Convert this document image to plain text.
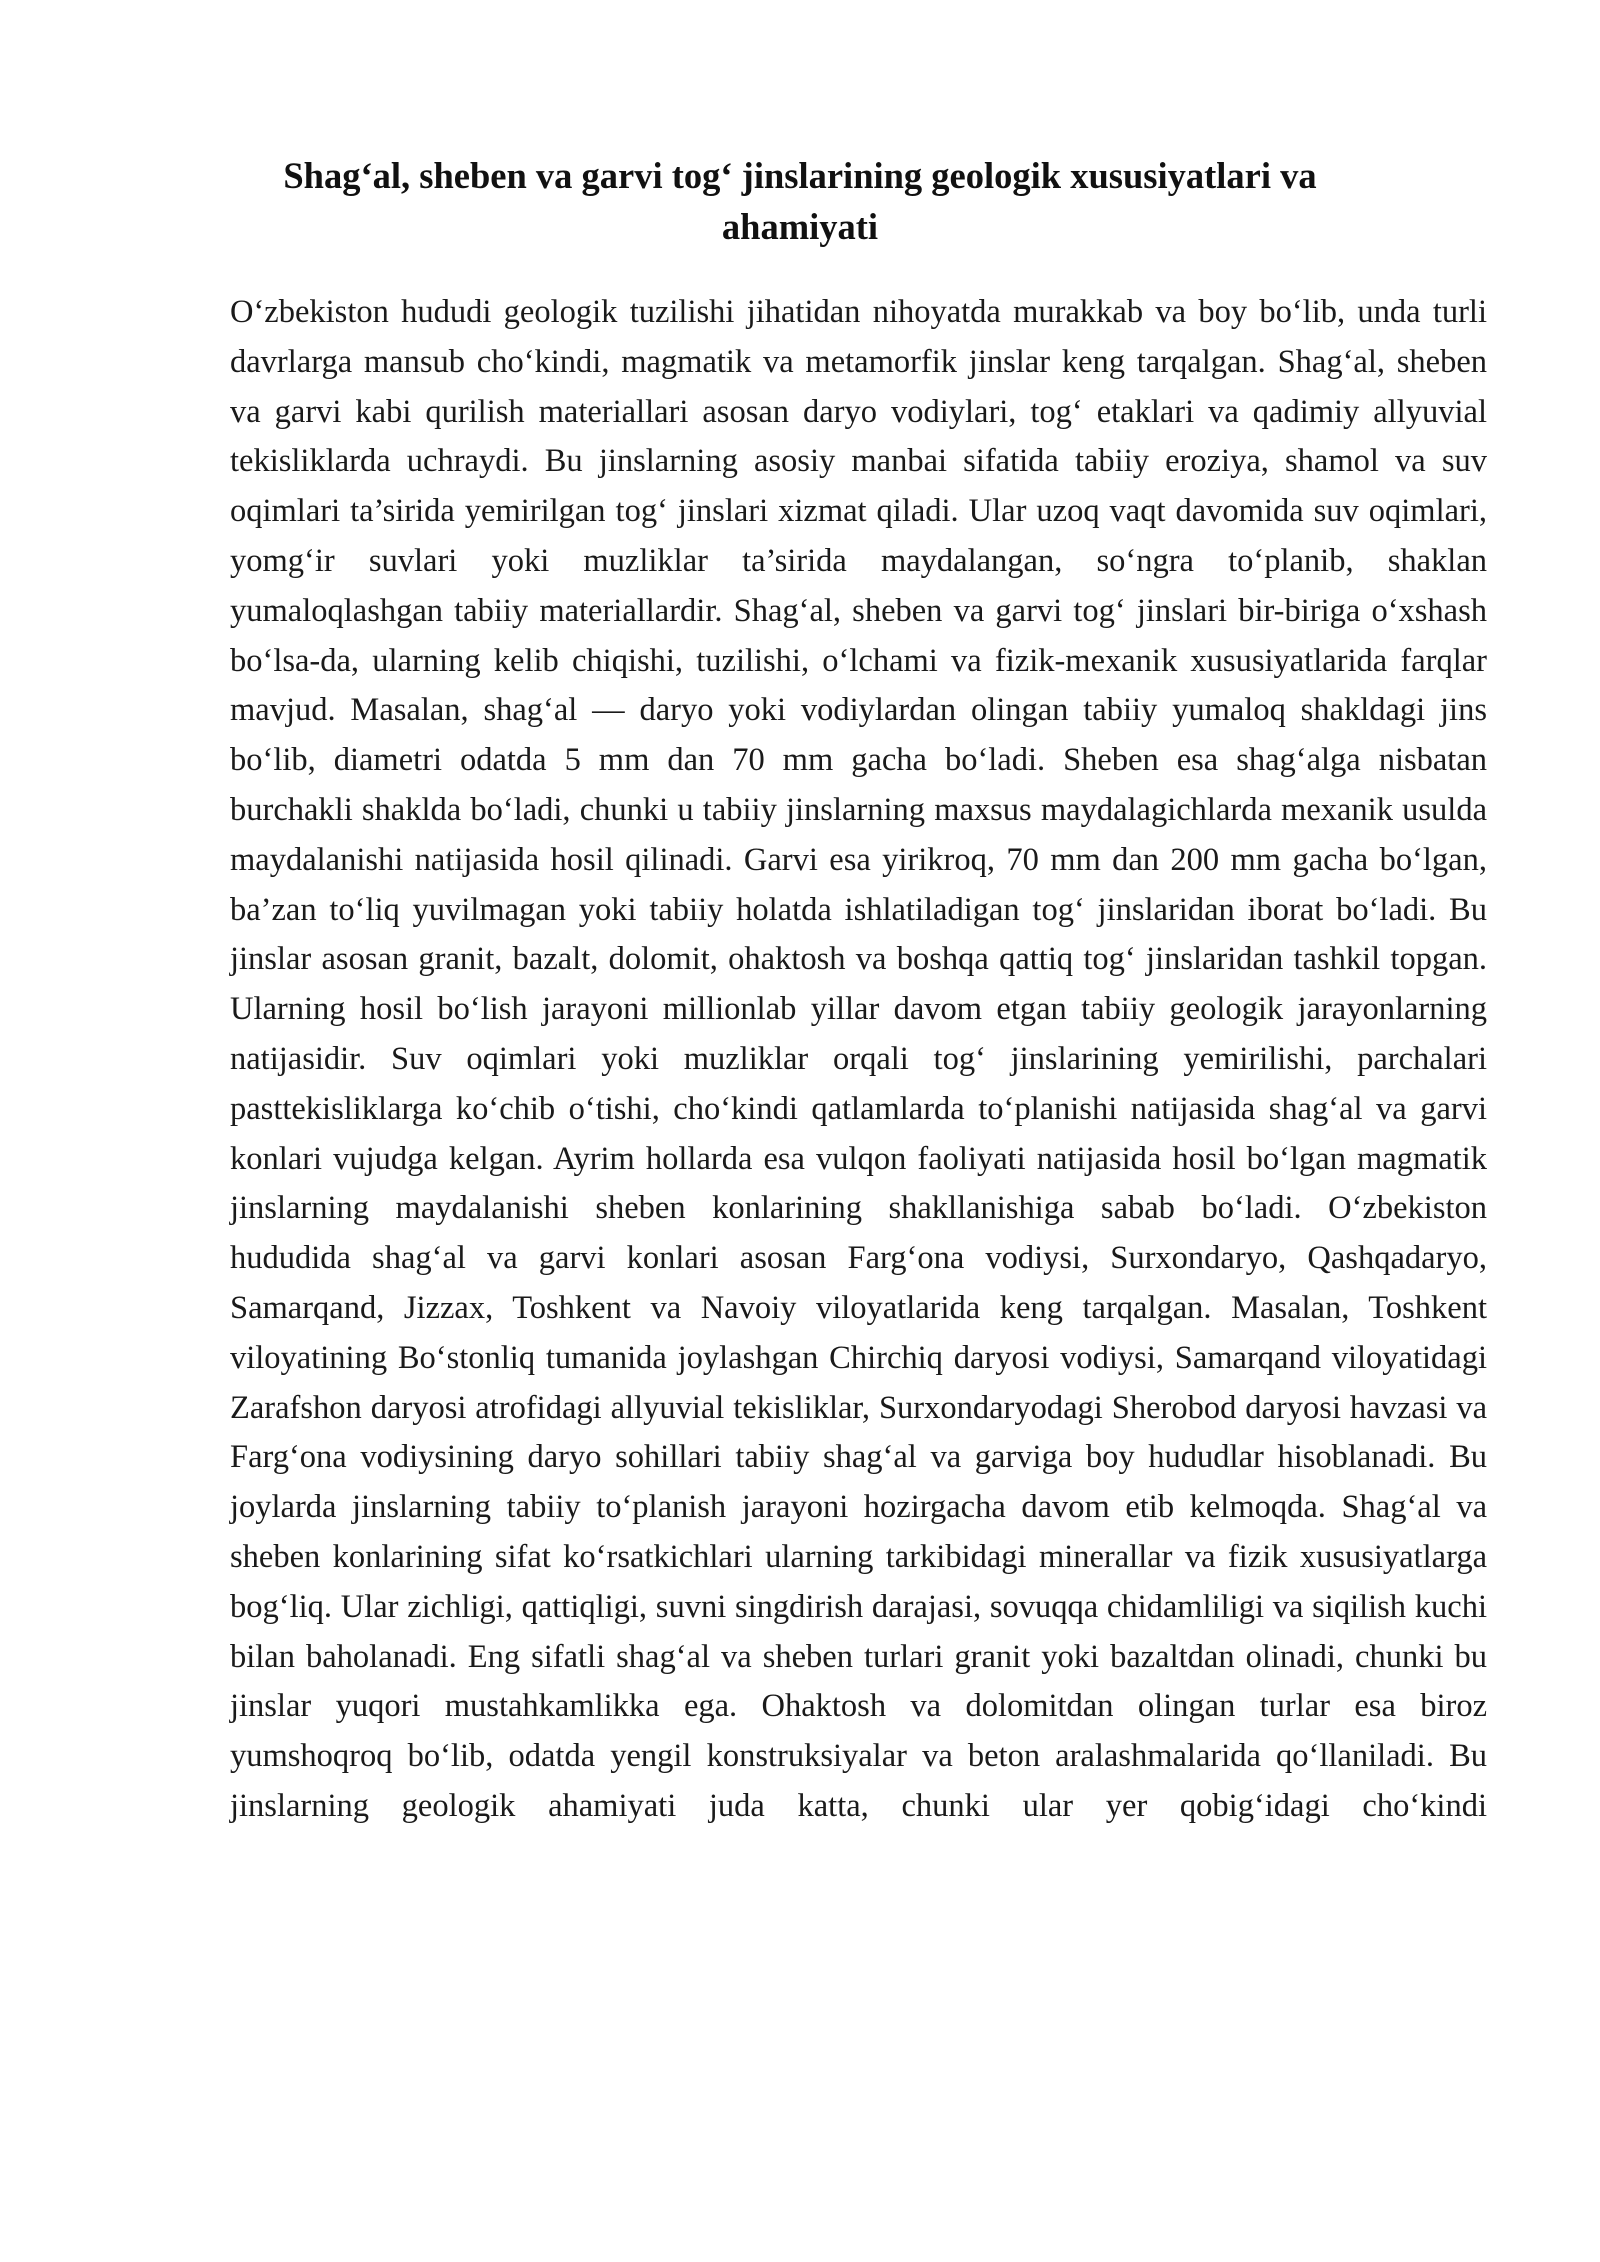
Shag‘al, sheben va garvi tog‘ jinslarining geologik xususiyatlari va ahamiyati

O‘zbekiston hududi geologik tuzilishi jihatidan nihoyatda murakkab va boy bo‘lib, unda turli davrlarga mansub cho‘kindi, magmatik va metamorfik jinslar keng tarqalgan. Shag‘al, sheben va garvi kabi qurilish materiallari asosan daryo vodiylari, tog‘ etaklari va qadimiy allyuvial tekisliklarda uchraydi. Bu jinslarning asosiy manbai sifatida tabiiy eroziya, shamol va suv oqimlari ta’sirida yemirilgan tog‘ jinslari xizmat qiladi. Ular uzoq vaqt davomida suv oqimlari, yomg‘ir suvlari yoki muzliklar ta’sirida maydalangan, so‘ngra to‘planib, shaklan yumaloqlashgan tabiiy materiallardir. Shag‘al, sheben va garvi tog‘ jinslari bir-biriga o‘xshash bo‘lsa-da, ularning kelib chiqishi, tuzilishi, o‘lchami va fizik-mexanik xususiyatlarida farqlar mavjud. Masalan, shag‘al — daryo yoki vodiylardan olingan tabiiy yumaloq shakldagi jins bo‘lib, diametri odatda 5 mm dan 70 mm gacha bo‘ladi. Sheben esa shag‘alga nisbatan burchakli shaklda bo‘ladi, chunki u tabiiy jinslarning maxsus maydalagichlarda mexanik usulda maydalanishi natijasida hosil qilinadi. Garvi esa yirikroq, 70 mm dan 200 mm gacha bo‘lgan, ba’zan to‘liq yuvilmagan yoki tabiiy holatda ishlatiladigan tog‘ jinslaridan iborat bo‘ladi. Bu jinslar asosan granit, bazalt, dolomit, ohaktosh va boshqa qattiq tog‘ jinslaridan tashkil topgan. Ularning hosil bo‘lish jarayoni millionlab yillar davom etgan tabiiy geologik jarayonlarning natijasidir. Suv oqimlari yoki muzliklar orqali tog‘ jinslarining yemirilishi, parchalari pasttekisliklarga ko‘chib o‘tishi, cho‘kindi qatlamlarda to‘planishi natijasida shag‘al va garvi konlari vujudga kelgan. Ayrim hollarda esa vulqon faoliyati natijasida hosil bo‘lgan magmatik jinslarning maydalanishi sheben konlarining shakllanishiga sabab bo‘ladi. O‘zbekiston hududida shag‘al va garvi konlari asosan Farg‘ona vodiysi, Surxondaryo, Qashqadaryo, Samarqand, Jizzax, Toshkent va Navoiy viloyatlarida keng tarqalgan. Masalan, Toshkent viloyatining Bo‘stonliq tumanida joylashgan Chirchiq daryosi vodiysi, Samarqand viloyatidagi Zarafshon daryosi atrofidagi allyuvial tekisliklar, Surxondaryodagi Sherobod daryosi havzasi va Farg‘ona vodiysining daryo sohillari tabiiy shag‘al va garviga boy hududlar hisoblanadi. Bu joylarda jinslarning tabiiy to‘planish jarayoni hozirgacha davom etib kelmoqda. Shag‘al va sheben konlarining sifat ko‘rsatkichlari ularning tarkibidagi minerallar va fizik xususiyatlarga bog‘liq. Ular zichligi, qattiqligi, suvni singdirish darajasi, sovuqqa chidamliligi va siqilish kuchi bilan baholanadi. Eng sifatli shag‘al va sheben turlari granit yoki bazaltdan olinadi, chunki bu jinslar yuqori mustahkamlikka ega. Ohaktosh va dolomitdan olingan turlar esa biroz yumshoqroq bo‘lib, odatda yengil konstruksiyalar va beton aralashmalarida qo‘llaniladi. Bu jinslarning geologik ahamiyati juda katta, chunki ular yer qobig‘idagi cho‘kindi
